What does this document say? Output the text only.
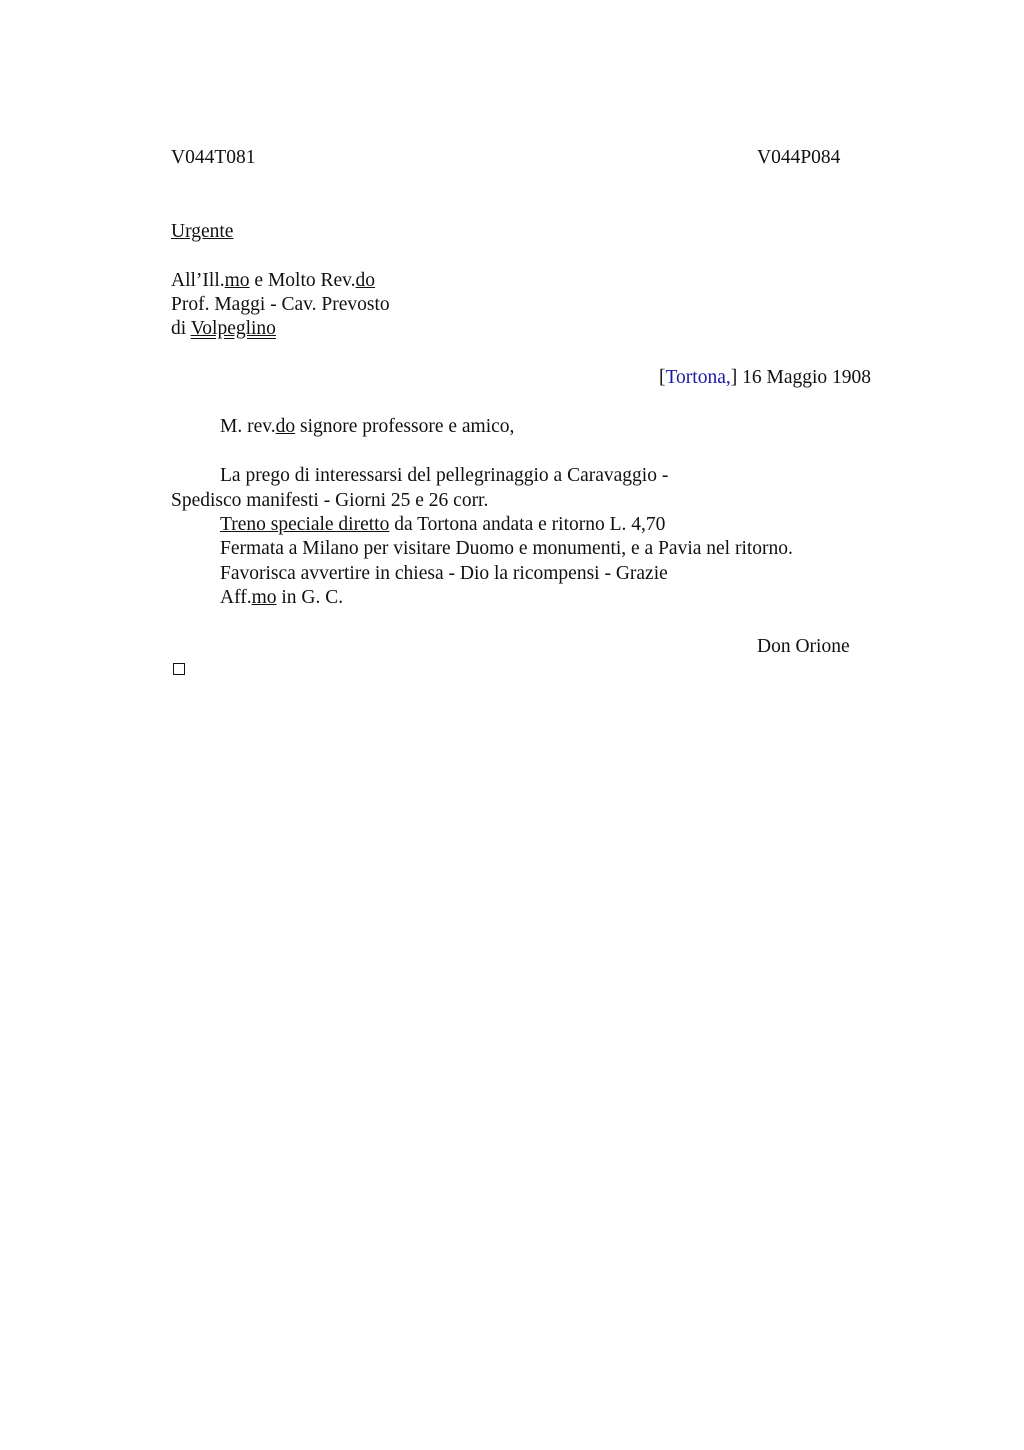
V044T081	V044P084
Urgente
All’Ill.mo e Molto Rev.do
Prof. Maggi - Cav. Prevosto
di Volpeglino
[Tortona,] 16 Maggio 1908
M. rev.do signore professore e amico,
La prego di interessarsi del pellegrinaggio a Caravaggio -
Spedisco manifesti - Giorni 25 e 26 corr.
Treno speciale diretto da Tortona andata e ritorno L. 4,70
Fermata a Milano per visitare Duomo e monumenti, e a Pavia nel ritorno.
Favorisca avvertire in chiesa - Dio la ricompensi - Grazie
Aff.mo in G. C.
Don Orione
